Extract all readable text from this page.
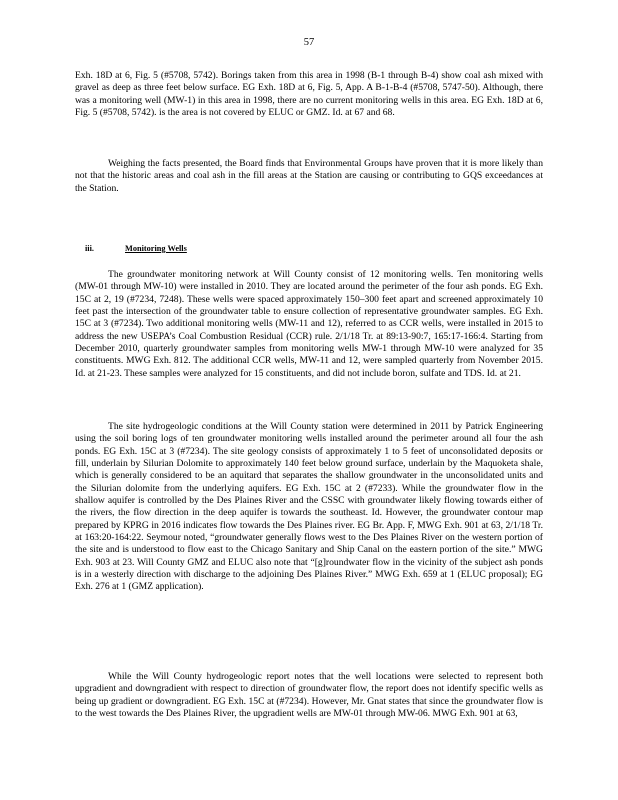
57

Exh. 18D at 6, Fig. 5 (#5708, 5742). Borings taken from this area in 1998 (B-1 through B-4) show coal ash mixed with gravel as deep as three feet below surface. EG Exh. 18D at 6, Fig. 5, App. A B-1-B-4 (#5708, 5747-50). Although, there was a monitoring well (MW-1) in this area in 1998, there are no current monitoring wells in this area. EG Exh. 18D at 6, Fig. 5 (#5708, 5742). is the area is not covered by ELUC or GMZ. Id. at 67 and 68.

Weighing the facts presented, the Board finds that Environmental Groups have proven that it is more likely than not that the historic areas and coal ash in the fill areas at the Station are causing or contributing to GQS exceedances at the Station.

iii.	Monitoring Wells

The groundwater monitoring network at Will County consist of 12 monitoring wells. Ten monitoring wells (MW-01 through MW-10) were installed in 2010. They are located around the perimeter of the four ash ponds. EG Exh. 15C at 2, 19 (#7234, 7248). These wells were spaced approximately 150–300 feet apart and screened approximately 10 feet past the intersection of the groundwater table to ensure collection of representative groundwater samples. EG Exh. 15C at 3 (#7234). Two additional monitoring wells (MW-11 and 12), referred to as CCR wells, were installed in 2015 to address the new USEPA’s Coal Combustion Residual (CCR) rule. 2/1/18 Tr. at 89:13-90:7, 165:17-166:4. Starting from December 2010, quarterly groundwater samples from monitoring wells MW-1 through MW-10 were analyzed for 35 constituents. MWG Exh. 812. The additional CCR wells, MW-11 and 12, were sampled quarterly from November 2015. Id. at 21-23. These samples were analyzed for 15 constituents, and did not include boron, sulfate and TDS. Id. at 21.

The site hydrogeologic conditions at the Will County station were determined in 2011 by Patrick Engineering using the soil boring logs of ten groundwater monitoring wells installed around the perimeter around all four the ash ponds. EG Exh. 15C at 3 (#7234). The site geology consists of approximately 1 to 5 feet of unconsolidated deposits or fill, underlain by Silurian Dolomite to approximately 140 feet below ground surface, underlain by the Maquoketa shale, which is generally considered to be an aquitard that separates the shallow groundwater in the unconsolidated units and the Silurian dolomite from the underlying aquifers. EG Exh. 15C at 2 (#7233). While the groundwater flow in the shallow aquifer is controlled by the Des Plaines River and the CSSC with groundwater likely flowing towards either of the rivers, the flow direction in the deep aquifer is towards the southeast. Id. However, the groundwater contour map prepared by KPRG in 2016 indicates flow towards the Des Plaines river. EG Br. App. F, MWG Exh. 901 at 63, 2/1/18 Tr. at 163:20-164:22. Seymour noted, “groundwater generally flows west to the Des Plaines River on the western portion of the site and is understood to flow east to the Chicago Sanitary and Ship Canal on the eastern portion of the site.” MWG Exh. 903 at 23. Will County GMZ and ELUC also note that “[g]roundwater flow in the vicinity of the subject ash ponds is in a westerly direction with discharge to the adjoining Des Plaines River.” MWG Exh. 659 at 1 (ELUC proposal); EG Exh. 276 at 1 (GMZ application).

While the Will County hydrogeologic report notes that the well locations were selected to represent both upgradient and downgradient with respect to direction of groundwater flow, the report does not identify specific wells as being up gradient or downgradient. EG Exh. 15C at (#7234). However, Mr. Gnat states that since the groundwater flow is to the west towards the Des Plaines River, the upgradient wells are MW-01 through MW-06. MWG Exh. 901 at 63,
